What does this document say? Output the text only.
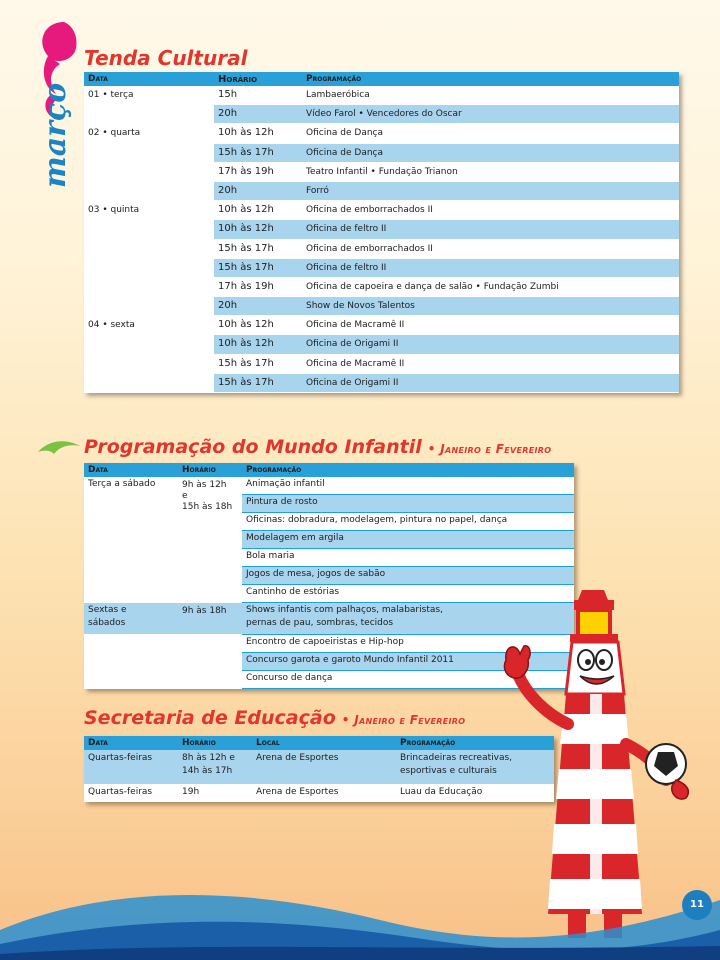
março
Tenda Cultural
Data	Horário	Programação
01 • terça	15h	Lambaeróbica
	20h	Vídeo Farol • Vencedores do Oscar
02 • quarta	10h às 12h	Oficina de Dança
	15h às 17h	Oficina de Dança
	17h às 19h	Teatro Infantil • Fundação Trianon
	20h	Forró
03 • quinta	10h às 12h	Oficina de emborrachados II
	10h às 12h	Oficina de feltro II
	15h às 17h	Oficina de emborrachados II
	15h às 17h	Oficina de feltro II
	17h às 19h	Oficina de capoeira e dança de salão • Fundação Zumbi
	20h	Show de Novos Talentos
04 • sexta	10h às 12h	Oficina de Macramê II
	10h às 12h	Oficina de Origami II
	15h às 17h	Oficina de Macramê II
	15h às 17h	Oficina de Origami II
Programação do Mundo Infantil • Janeiro e Fevereiro
Data	Horário	Programação
Terça a sábado	9h às 12h
e
15h às 18h	Animação infantil
		Pintura de rosto
		Oficinas: dobradura, modelagem, pintura no papel, dança
		Modelagem em argila
		Bola maria
		Jogos de mesa, jogos de sabão
		Cantinho de estórias
Sextas e
sábados	9h às 18h	Shows infantis com palhaços, malabaristas,
pernas de pau, sombras, tecidos
		Encontro de capoeiristas e Hip-hop
		Concurso garota e garoto Mundo Infantil 2011
		Concurso de dança
Secretaria de Educação • Janeiro e Fevereiro
Data	Horário	Local	Programação
Quartas-feiras	8h às 12h e
14h às 17h	Arena de Esportes	Brincadeiras recreativas,
esportivas e culturais
Quartas-feiras	19h	Arena de Esportes	Luau da Educação
11
